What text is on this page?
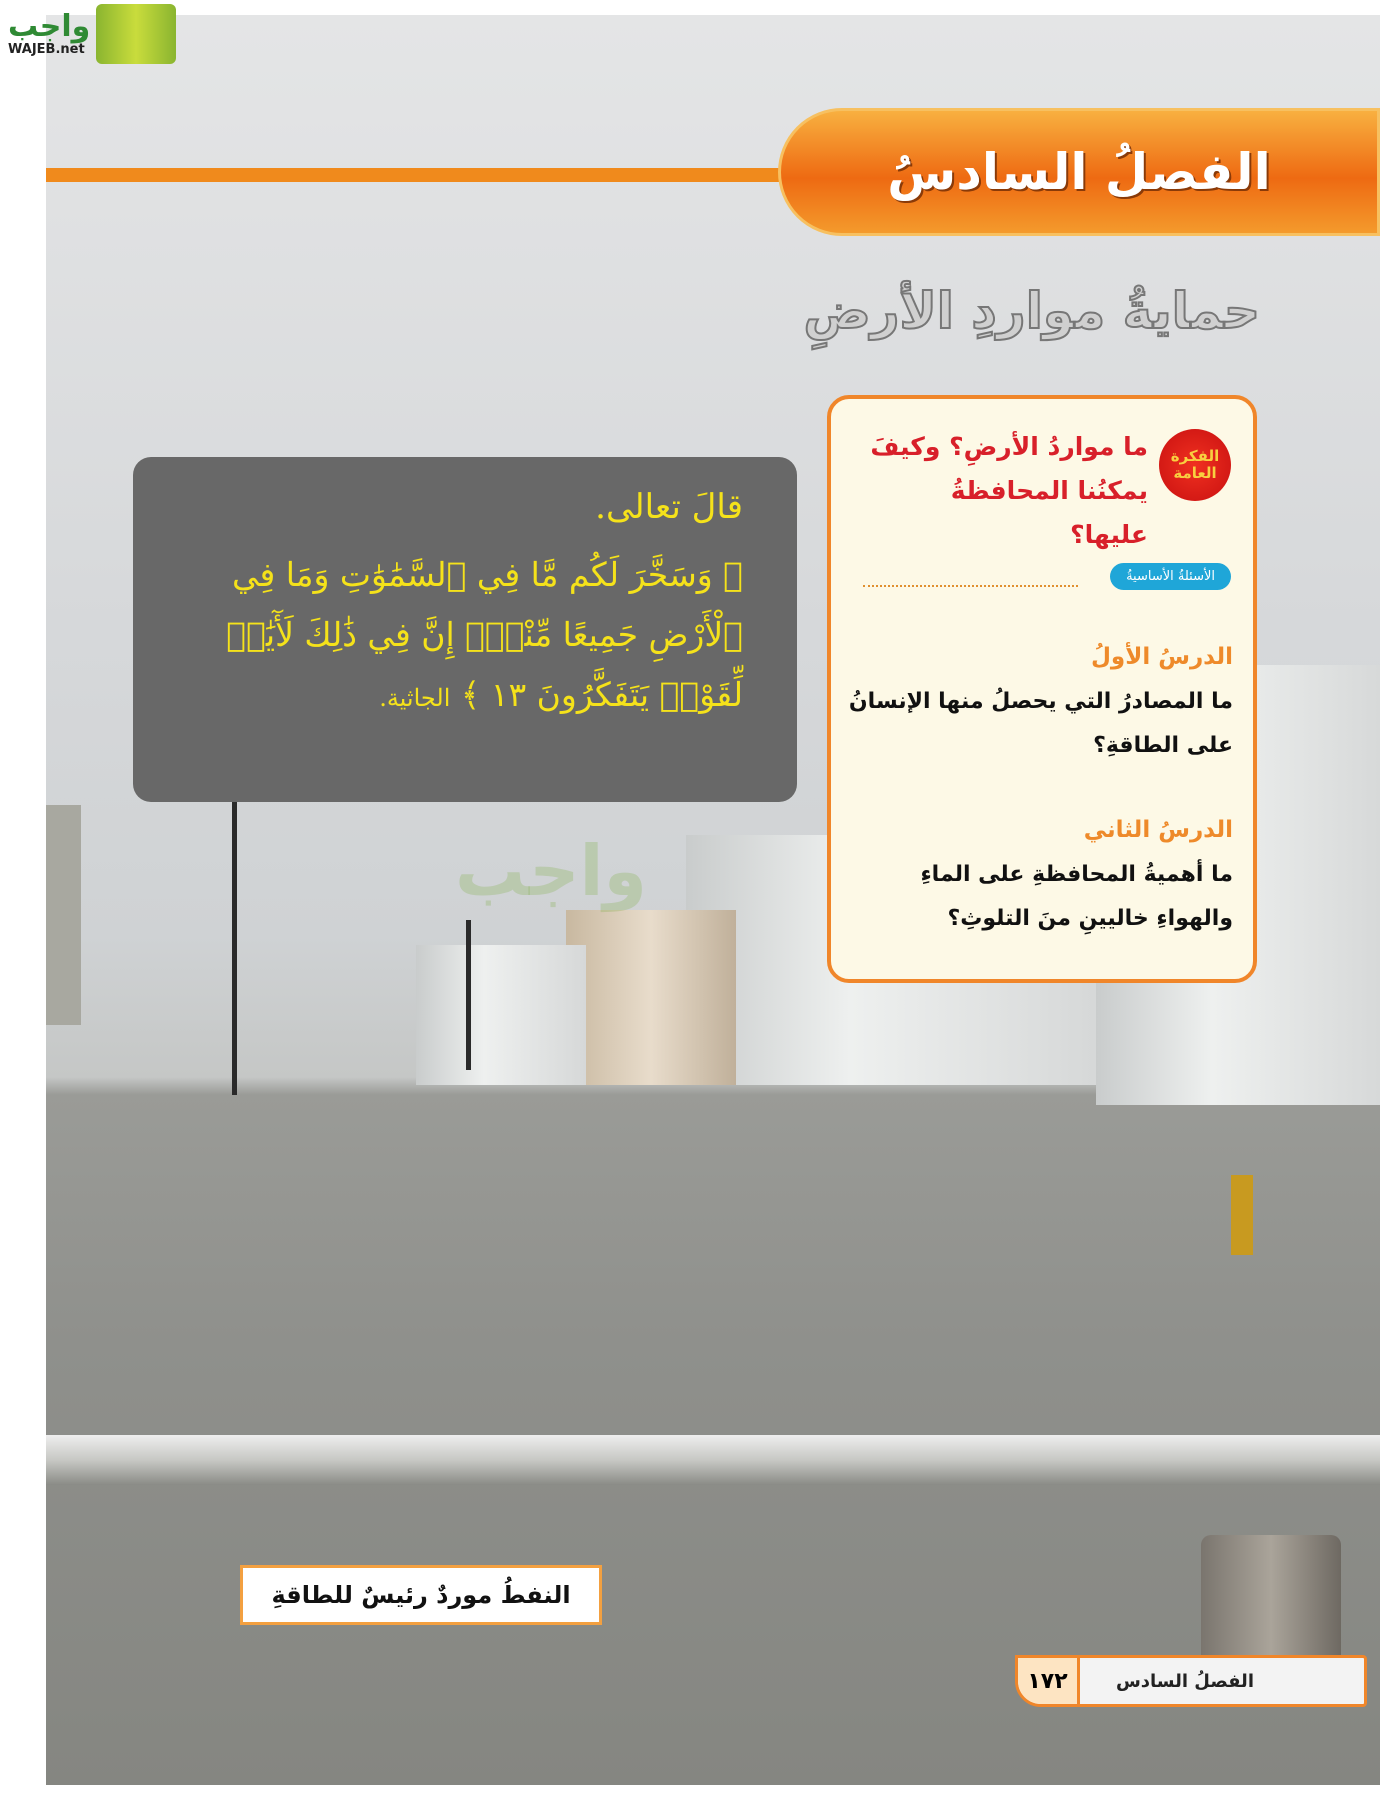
واجب
واجب
WAJEB.net
الفصلُ السادسُ
حمايةُ مواردِ الأرضِ
الفكرة العامة
ما مواردُ الأرضِ؟ وكيفَ يمكنُنا المحافظةُ عليها؟
الأسئلةُ الأساسيةُ
الدرسُ الأولُ
ما المصادرُ التي يحصلُ منها الإنسانُ على الطاقةِ؟
الدرسُ الثاني
ما أهميةُ المحافظةِ على الماءِ والهواءِ خاليينِ منَ التلوثِ؟
قالَ تعالى.
﴿ وَسَخَّرَ لَكُم مَّا فِي ٱلسَّمَٰوَٰتِ وَمَا فِي ٱلْأَرْضِ جَمِيعًا مِّنْهُۚ إِنَّ فِي ذَٰلِكَ لَأٓيَٰتٖ لِّقَوْمٖ يَتَفَكَّرُونَ ١٣ ﴾ الجاثية.
النفطُ موردٌ رئيسٌ للطاقةِ
الفصلُ السادس
١٧٢
